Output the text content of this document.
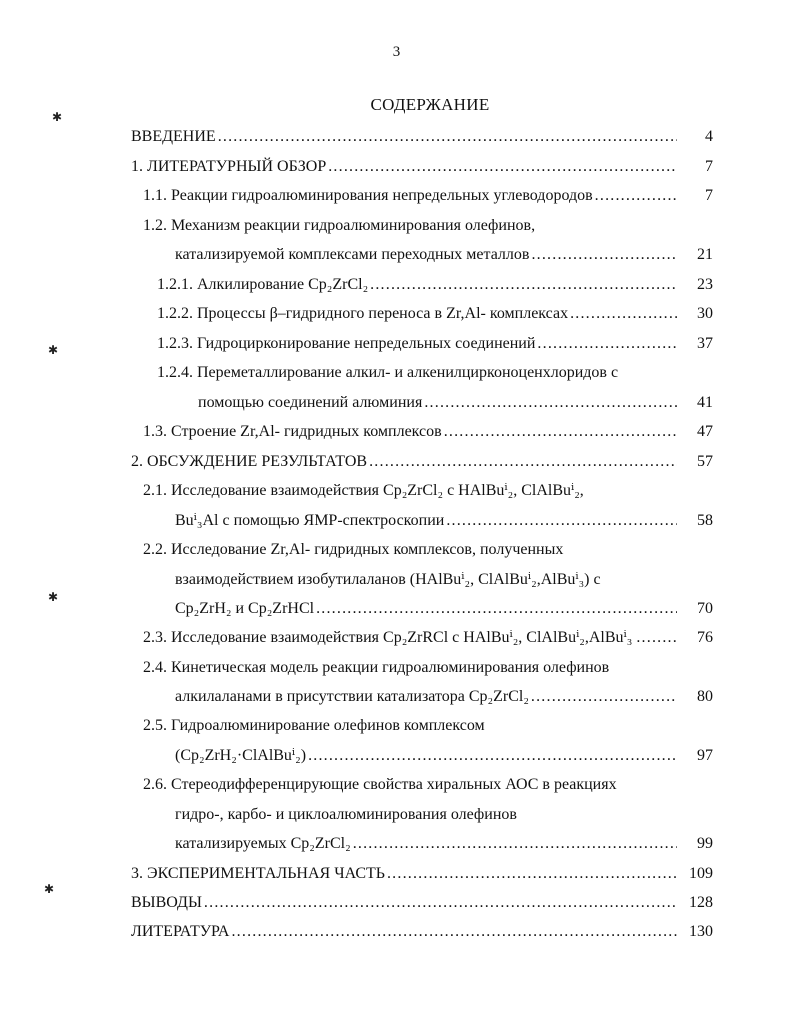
3
СОДЕРЖАНИЕ
✱
✱
✱
✱
ВВЕДЕНИЕ .....	4
1. ЛИТЕРАТУРНЫЙ ОБЗОР .....	7
1.1. Реакции гидроалюминирования непредельных углеводородов .....	7
1.2. Механизм реакции гидроалюминирования олефинов,
катализируемой комплексами переходных металлов .....	21
1.2.1. Алкилирование Cp₂ZrCl₂ .....	23
1.2.2. Процессы β–гидридного переноса в Zr,Al- комплексах .....	30
1.2.3. Гидроцирконирование непредельных соединений .....	37
1.2.4. Переметаллирование алкил- и алкенилцирконоценхлоридов с
помощью соединений алюминия .....	41
1.3. Строение Zr,Al- гидридных комплексов .....	47
2. ОБСУЖДЕНИЕ РЕЗУЛЬТАТОВ .....	57
2.1. Исследование взаимодействия Cp₂ZrCl₂ с HAlBuⁱ₂, ClAlBuⁱ₂,
Buⁱ₃Al с помощью ЯМР-спектроскопии .....	58
2.2. Исследование Zr,Al- гидридных комплексов, полученных
взаимодействием изобутилаланов (HAlBuⁱ₂, ClAlBuⁱ₂,AlBuⁱ₃) с
Cp₂ZrH₂ и Cp₂ZrHCl .....	70
2.3. Исследование взаимодействия Cp₂ZrRCl с HAlBuⁱ₂, ClAlBuⁱ₂,AlBuⁱ₃ .....	76
2.4. Кинетическая модель реакции гидроалюминирования олефинов
алкилаланами в присутствии катализатора Cp₂ZrCl₂ .....	80
2.5. Гидроалюминирование олефинов комплексом
(Cp₂ZrH₂·ClAlBuⁱ₂) .....	97
2.6. Стереодифференцирующие свойства хиральных АОС в реакциях
гидро-, карбо- и циклоалюминирования олефинов
катализируемых Cp₂ZrCl₂ .....	99
3. ЭКСПЕРИМЕНТАЛЬНАЯ ЧАСТЬ .....	109
ВЫВОДЫ .....	128
ЛИТЕРАТУРА .....	130
